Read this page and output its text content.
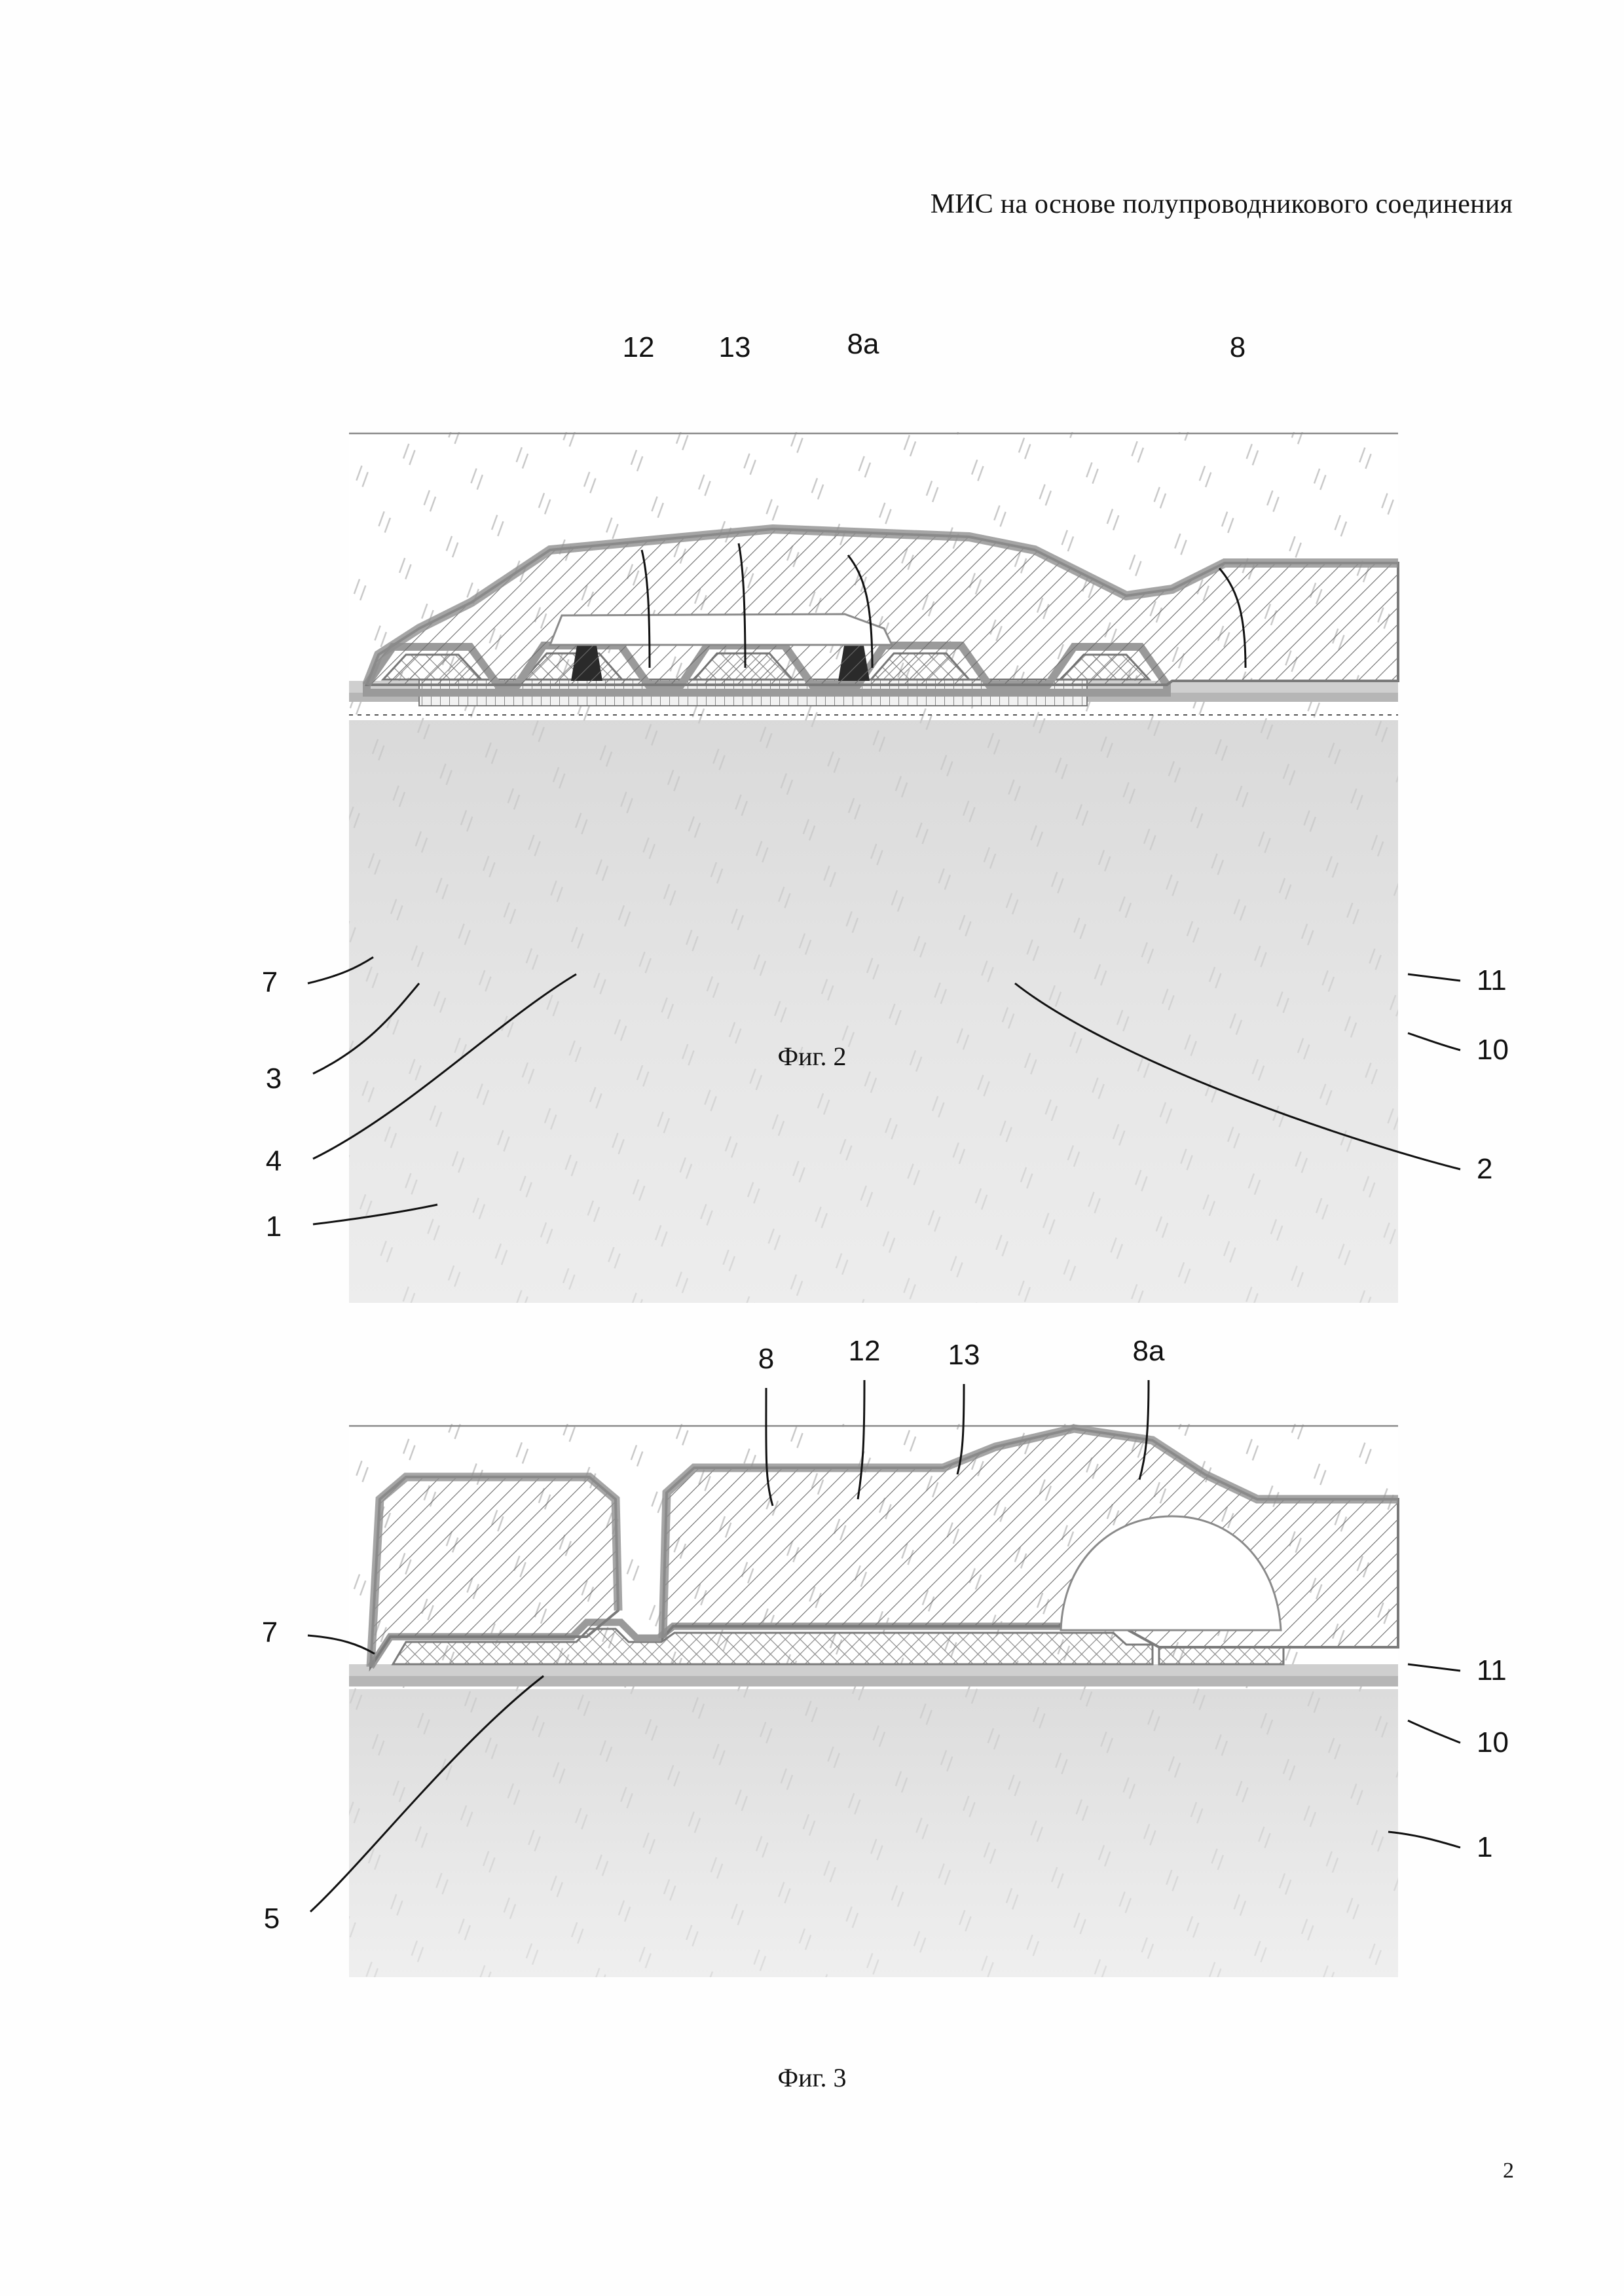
МИС на основе полупроводникового соединения
12 13	8a	8
7
3
4
1
11
10
2
Фиг. 2
8	12 13	8a
7
5
11
10
1
Фиг. 3
2
